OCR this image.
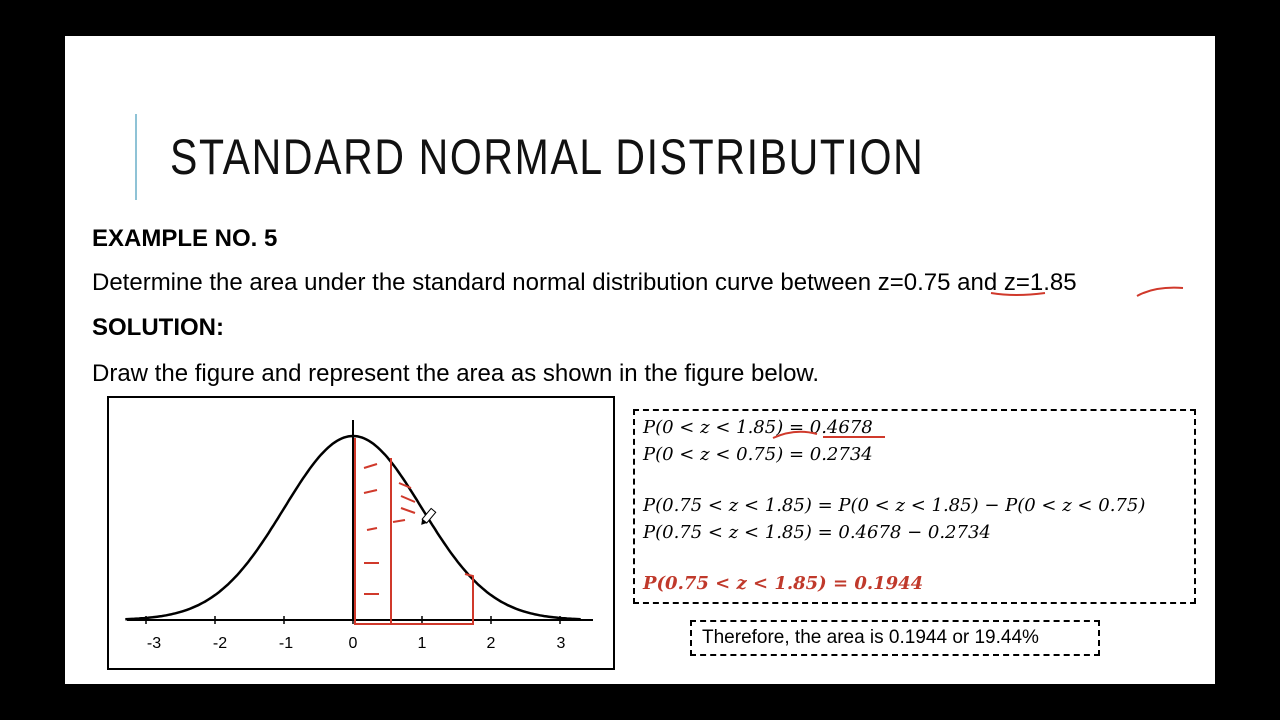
STANDARD NORMAL DISTRIBUTION
EXAMPLE NO. 5
Determine the area under the standard normal distribution curve between z=0.75 and z=1.85
SOLUTION:
Draw the figure and represent the area as shown in the figure below.
-3	-2	-1	0	1	2	3
P(0 < z < 1.85) = 0.4678
P(0 < z < 0.75) = 0.2734
P(0.75 < z < 1.85) = P(0 < z < 1.85) − P(0 < z < 0.75)
P(0.75 < z < 1.85) = 0.4678 − 0.2734
P(0.75 < z < 1.85) = 0.1944
Therefore, the area is 0.1944 or 19.44%
